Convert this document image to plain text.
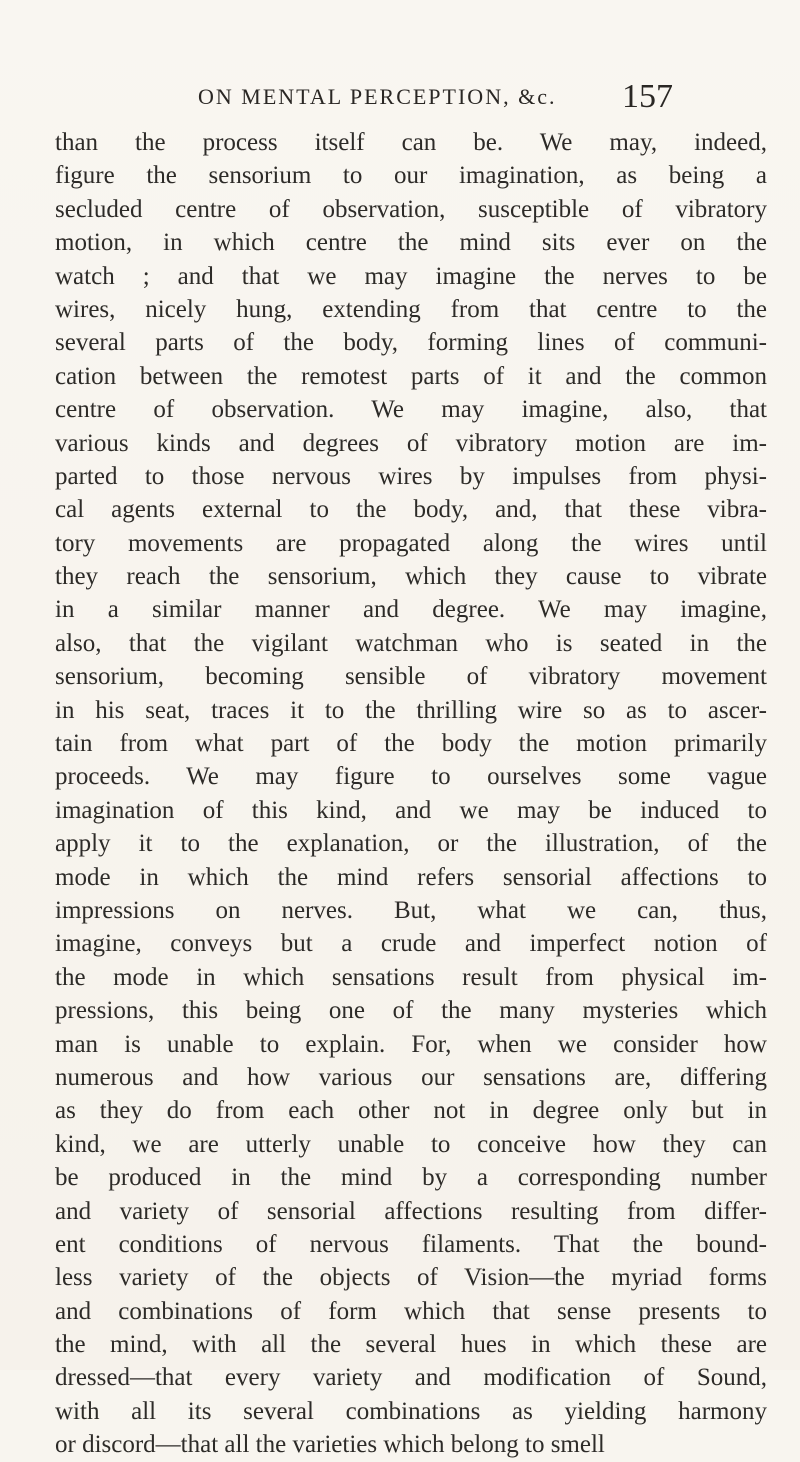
ON MENTAL PERCEPTION, &c. 157
than the process itself can be. We may, indeed,
figure the sensorium to our imagination, as being a
secluded centre of observation, susceptible of vibratory
motion, in which centre the mind sits ever on the
watch ; and that we may imagine the nerves to be
wires, nicely hung, extending from that centre to the
several parts of the body, forming lines of communi-
cation between the remotest parts of it and the common
centre of observation. We may imagine, also, that
various kinds and degrees of vibratory motion are im-
parted to those nervous wires by impulses from physi-
cal agents external to the body, and, that these vibra-
tory movements are propagated along the wires until
they reach the sensorium, which they cause to vibrate
in a similar manner and degree. We may imagine,
also, that the vigilant watchman who is seated in the
sensorium, becoming sensible of vibratory movement
in his seat, traces it to the thrilling wire so as to ascer-
tain from what part of the body the motion primarily
proceeds. We may figure to ourselves some vague
imagination of this kind, and we may be induced to
apply it to the explanation, or the illustration, of the
mode in which the mind refers sensorial affections to
impressions on nerves. But, what we can, thus,
imagine, conveys but a crude and imperfect notion of
the mode in which sensations result from physical im-
pressions, this being one of the many mysteries which
man is unable to explain. For, when we consider how
numerous and how various our sensations are, differing
as they do from each other not in degree only but in
kind, we are utterly unable to conceive how they can
be produced in the mind by a corresponding number
and variety of sensorial affections resulting from differ-
ent conditions of nervous filaments. That the bound-
less variety of the objects of Vision—the myriad forms
and combinations of form which that sense presents to
the mind, with all the several hues in which these are
dressed—that every variety and modification of Sound,
with all its several combinations as yielding harmony
or discord—that all the varieties which belong to smell
